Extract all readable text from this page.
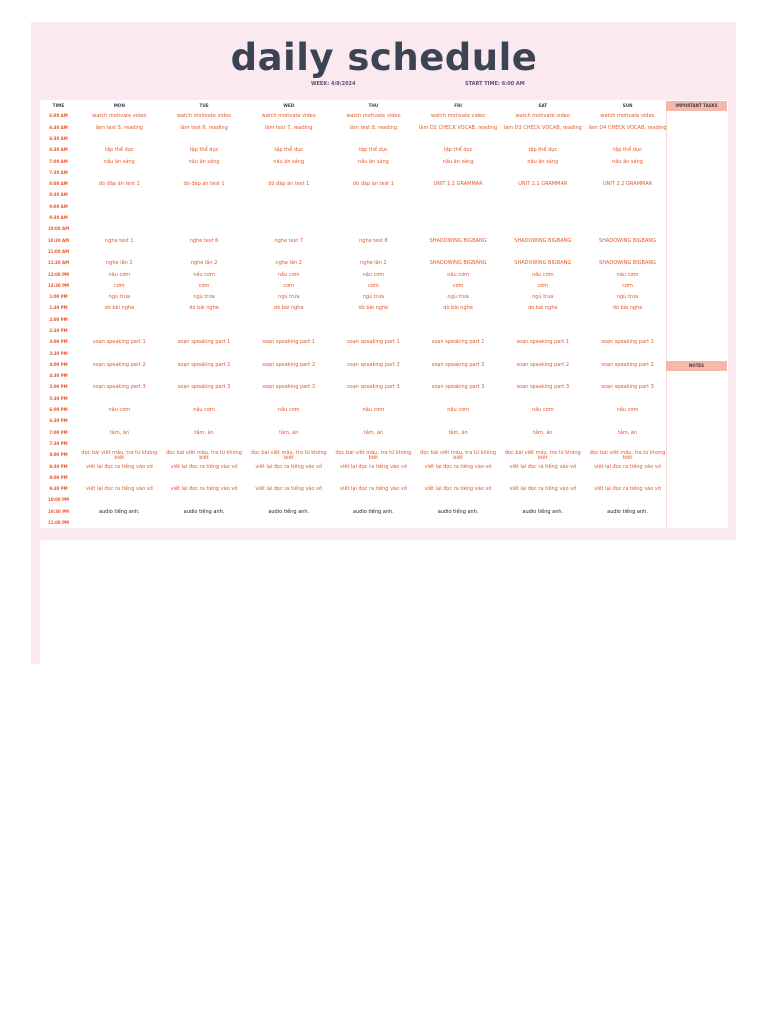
daily schedule
WEEK: 4/8/2024	START TIME: 6:00 AM
TIME	MON	TUE	WED	THU	FRI	SAT	SUN
6:00 AM	watch motivate video	watch motivate video	watch motivate video	watch motivate video	watch motivate video	watch motivate video	watch motivate video
6:30 AM	làm test 5, reading	làm test 6, reading	làm test 7, reading	làm test 8, reading	làm D2 CHECK VOCAB, reading	làm D3 CHECK VOCAB, reading	làm D4 CHECK VOCAB, reading
6:30 AM							
6:30 AM	tập thể dục	tập thể dục	tập thể dục	tập thể dục	tập thể dục	tập thể dục	tập thể dục
7:00 AM	nấu ăn sáng	nấu ăn sáng	nấu ăn sáng	nấu ăn sáng	nấu ăn sáng	nấu ăn sáng	nấu ăn sáng
7:30 AM							
8:00 AM	dò đáp án test 1	dò đáp án test 1	dò đáp án test 1	dò đáp án test 1	UNIT 1.2 GRAMMAR	UNIT 2.1 GRAMMAR	UNIT 2.2 GRAMMAR
8:30 AM							
9:00 AM							
9:30 AM							
10:00 AM							
10:30 AM	nghe test 1	nghe test 6	nghe test 7	nghe test 8	SHADOWING BIGBANG	SHADOWING BIGBANG	SHADOWING BIGBANG
11:00 AM							
11:30 AM	nghe lần 2	nghe lần 2	nghe lần 2	nghe lần 2	SHADOWING BIGBANG	SHADOWING BIGBANG	SHADOWING BIGBANG
12:00 PM	nấu cơm	nấu cơm	nấu cơm	nấu cơm	nấu cơm	nấu cơm	nấu cơm
12:30 PM	cơm	cơm	cơm	cơm	cơm	cơm	cơm
1:00 PM	ngủ trưa	ngủ trưa	ngủ trưa	ngủ trưa	ngủ trưa	ngủ trưa	ngủ trưa
1:30 PM	dò bài nghe	dò bài nghe	dò bài nghe	dò bài nghe	dò bài nghe	dò bài nghe	dò bài nghe
2:00 PM							
2:30 PM							
3:00 PM	soạn speaking part 1	soạn speaking part 1	soạn speaking part 1	soạn speaking part 1	soạn speaking part 1	soạn speaking part 1	soạn speaking part 1
3:30 PM							
4:00 PM	soạn speaking part 2	soạn speaking part 2	soạn speaking part 2	soạn speaking part 2	soạn speaking part 2	soạn speaking part 2	soạn speaking part 2
4:30 PM							
5:00 PM	soạn speaking part 3	soạn speaking part 3	soạn speaking part 3	soạn speaking part 3	soạn speaking part 3	soạn speaking part 3	soạn speaking part 3
5:30 PM							
6:00 PM	nấu cơm	nấu cơm	nấu cơm	nấu cơm	nấu cơm	nấu cơm	nấu cơm
6:30 PM							
7:00 PM	tắm, ăn	tắm, ăn	tắm, ăn	tắm, ăn	tắm, ăn	tắm, ăn	tắm, ăn
7:30 PM							
8:00 PM	đọc bài viết mẫu, tra từ không biết	đọc bài viết mẫu, tra từ không biết	đọc bài viết mẫu, tra từ không biết	đọc bài viết mẫu, tra từ không biết	đọc bài viết mẫu, tra từ không biết	đọc bài viết mẫu, tra từ không biết	đọc bài viết mẫu, tra từ không biết
8:30 PM	viết lại đọc ra tiếng vào vở	viết lại đọc ra tiếng vào vở	viết lại đọc ra tiếng vào vở	viết lại đọc ra tiếng vào vở	viết lại đọc ra tiếng vào vở	viết lại đọc ra tiếng vào vở	viết lại đọc ra tiếng vào vở
9:00 PM							
9:30 PM	viết lại đọc ra tiếng vào vở	viết lại đọc ra tiếng vào vở	viết lại đọc ra tiếng vào vở	viết lại đọc ra tiếng vào vở	viết lại đọc ra tiếng vào vở	viết lại đọc ra tiếng vào vở	viết lại đọc ra tiếng vào vở
10:00 PM							
10:30 PM	audio tiếng anh.	audio tiếng anh.	audio tiếng anh.	audio tiếng anh.	audio tiếng anh.	audio tiếng anh.	audio tiếng anh.
11:00 PM							
IMPORTANT TASKS
NOTES
